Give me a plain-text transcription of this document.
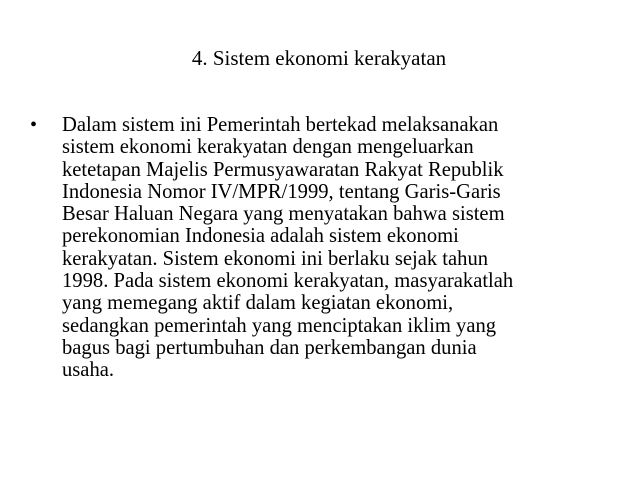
4. Sistem ekonomi kerakyatan
• Dalam sistem ini Pemerintah bertekad melaksanakan
sistem ekonomi kerakyatan dengan mengeluarkan
ketetapan Majelis Permusyawaratan Rakyat Republik
Indonesia Nomor IV/MPR/1999, tentang Garis-Garis
Besar Haluan Negara yang menyatakan bahwa sistem
perekonomian Indonesia adalah sistem ekonomi
kerakyatan. Sistem ekonomi ini berlaku sejak tahun
1998. Pada sistem ekonomi kerakyatan, masyarakatlah
yang memegang aktif dalam kegiatan ekonomi,
sedangkan pemerintah yang menciptakan iklim yang
bagus bagi pertumbuhan dan perkembangan dunia
usaha.
